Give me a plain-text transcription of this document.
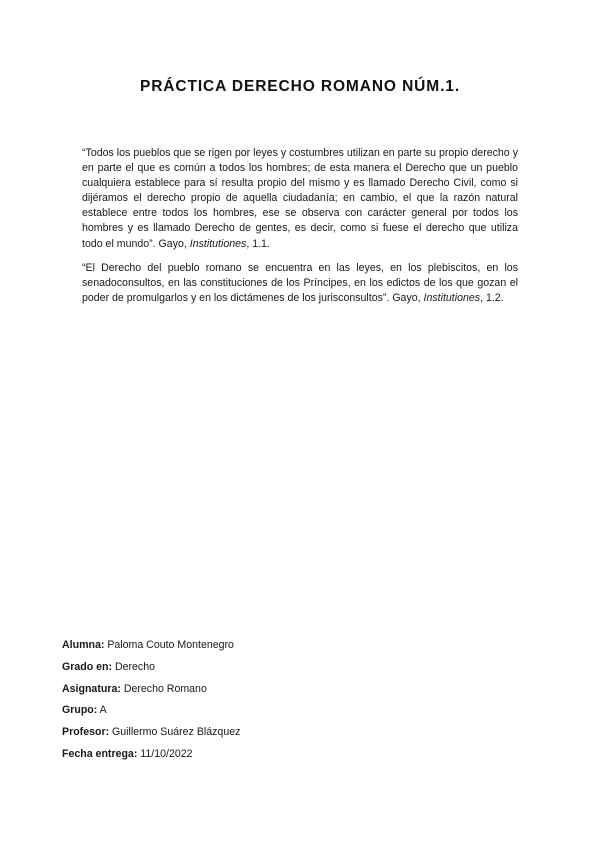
PRÁCTICA DERECHO ROMANO NÚM.1.

“Todos los pueblos que se rigen por leyes y costumbres utilizan en parte su propio derecho y en parte el que es común a todos los hombres; de esta manera el Derecho que un pueblo cualquiera establece para sí resulta propio del mismo y es llamado Derecho Civil, como si dijéramos el derecho propio de aquella ciudadanía; en cambio, el que la razón natural establece entre todos los hombres, ese se observa con carácter general por todos los hombres y es llamado Derecho de gentes, es decir, como si fuese el derecho que utiliza todo el mundo”. Gayo, Institutiones, 1.1.

“El Derecho del pueblo romano se encuentra en las leyes, en los plebiscitos, en los senadoconsultos, en las constituciones de los Príncipes, en los edictos de los que gozan el poder de promulgarlos y en los dictámenes de los jurisconsultos”. Gayo, Institutiones, 1.2.

Alumna: Paloma Couto Montenegro
Grado en: Derecho
Asignatura: Derecho Romano
Grupo: A
Profesor: Guillermo Suárez Blázquez
Fecha entrega: 11/10/2022
